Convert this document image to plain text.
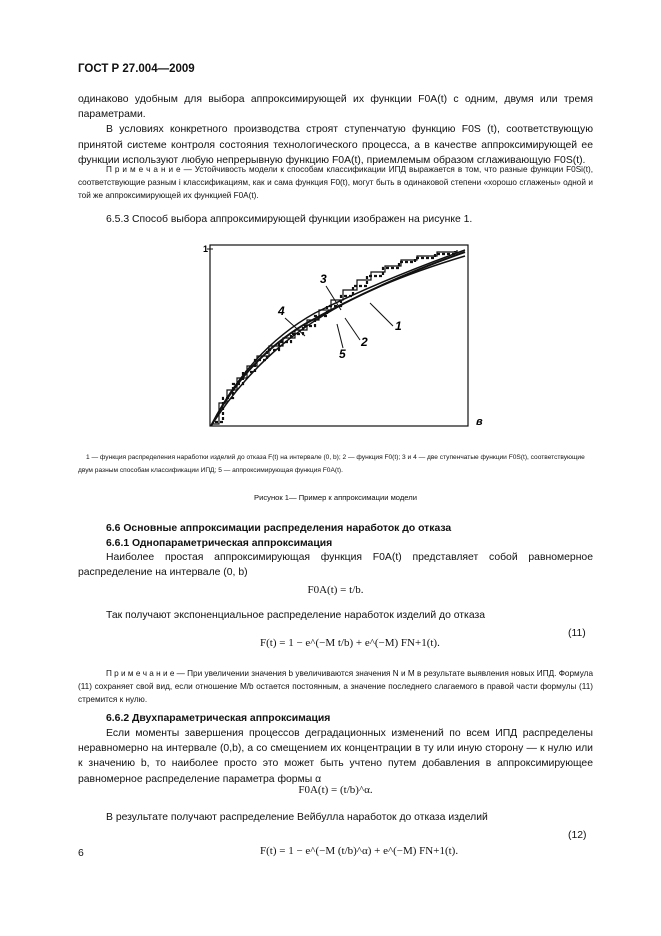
ГОСТ Р 27.004—2009
одинаково удобным для выбора аппроксимирующей их функции F0A(t) с одним, двумя или тремя параметрами.
В условиях конкретного производства строят ступенчатую функцию F0S (t), соответствующую принятой системе контроля состояния технологического процесса, а в качестве аппроксимирующей ее функции используют любую непрерывную функцию F0A(t), приемлемым образом сглаживающую F0S(t).
П р и м е ч а н и е — Устойчивость модели к способам классификации ИПД выражается в том, что разные функции F0Si(t), соответствующие разным i классификациям, как и сама функция F0(t), могут быть в одинаковой степени «хорошо сглажены» одной и той же аппроксимирующей их функцией F0A(t).
6.5.3 Способ выбора аппроксимирующей функции изображен на рисунке 1.
1
в
3
4
1
2
5
1 — функция распределения наработки изделий до отказа F(t) на интервале (0, b); 2 — функция F0(t); 3 и 4 — две ступенчатые функции F0S(t), соответствующие двум разным способам классификации ИПД; 5 — аппроксимирующая функция F0A(t).
Рисунок 1— Пример к аппроксимации модели
6.6 Основные аппроксимации распределения наработок до отказа
6.6.1 Однопараметрическая аппроксимация
Наиболее простая аппроксимирующая функция F0A(t) представляет собой равномерное распределение на интервале (0, b)
F0A(t) = t/b.
Так получают экспоненциальное распределение наработок изделий до отказа
F(t) = 1 − e^(−M t/b) + e^(−M) FN+1(t).
(11)
П р и м е ч а н и е — При увеличении значения b увеличиваются значения N и M в результате выявления новых ИПД. Формула (11) сохраняет свой вид, если отношение M/b остается постоянным, а значение последнего слагаемого в правой части формулы (11) стремится к нулю.
6.6.2 Двухпараметрическая аппроксимация
Если моменты завершения процессов деградационных изменений по всем ИПД распределены неравномерно на интервале (0,b), а со смещением их концентрации в ту или иную сторону — к нулю или к значению b, то наиболее просто это может быть учтено путем добавления в аппроксимирующее равномерное распределение параметра формы α
F0A(t) = (t/b)^α.
В результате получают распределение Вейбулла наработок до отказа изделий
F(t) = 1 − e^(−M (t/b)^α) + e^(−M) FN+1(t).
(12)
6
